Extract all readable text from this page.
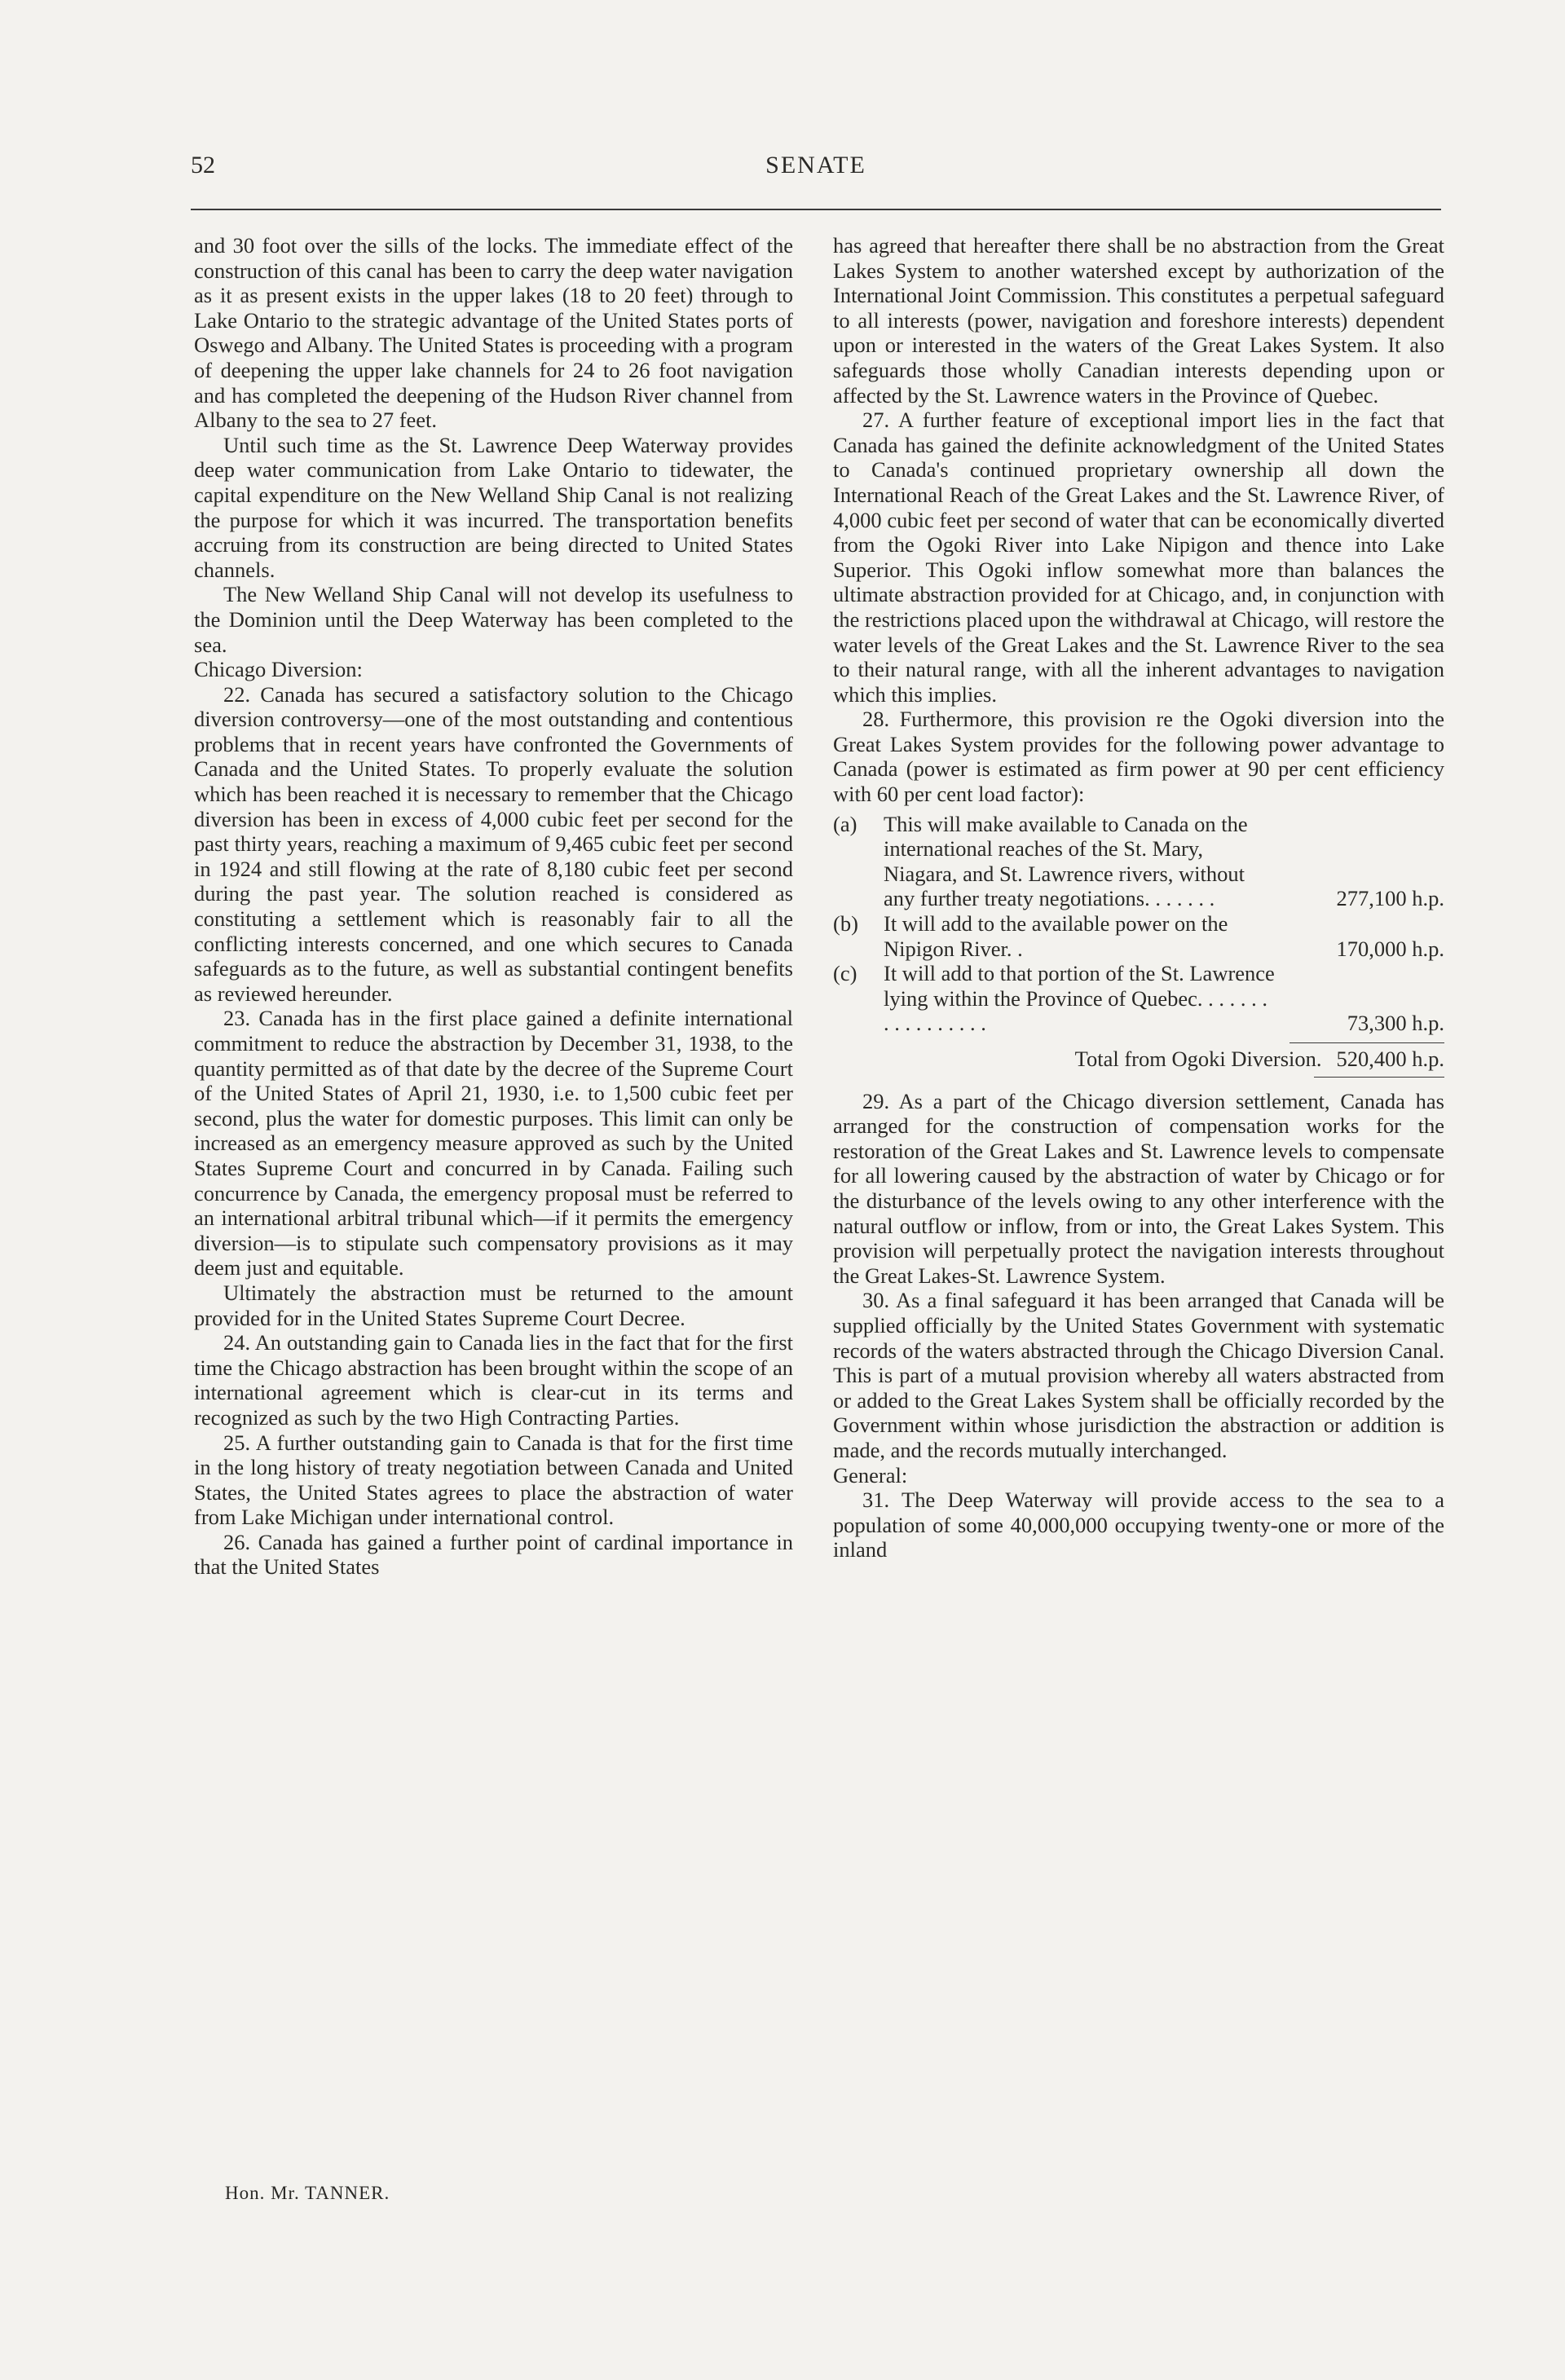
52	SENATE

and 30 foot over the sills of the locks. The immediate effect of the construction of this canal has been to carry the deep water navigation as it as present exists in the upper lakes (18 to 20 feet) through to Lake Ontario to the strategic advantage of the United States ports of Oswego and Albany. The United States is proceeding with a program of deepening the upper lake channels for 24 to 26 foot navigation and has completed the deepening of the Hudson River channel from Albany to the sea to 27 feet.

Until such time as the St. Lawrence Deep Waterway provides deep water communication from Lake Ontario to tidewater, the capital expenditure on the New Welland Ship Canal is not realizing the purpose for which it was incurred. The transportation benefits accruing from its construction are being directed to United States channels.

The New Welland Ship Canal will not develop its usefulness to the Dominion until the Deep Waterway has been completed to the sea.

Chicago Diversion:

22. Canada has secured a satisfactory solution to the Chicago diversion controversy—one of the most outstanding and contentious problems that in recent years have confronted the Governments of Canada and the United States. To properly evaluate the solution which has been reached it is necessary to remember that the Chicago diversion has been in excess of 4,000 cubic feet per second for the past thirty years, reaching a maximum of 9,465 cubic feet per second in 1924 and still flowing at the rate of 8,180 cubic feet per second during the past year. The solution reached is considered as constituting a settlement which is reasonably fair to all the conflicting interests concerned, and one which secures to Canada safeguards as to the future, as well as substantial contingent benefits as reviewed hereunder.

23. Canada has in the first place gained a definite international commitment to reduce the abstraction by December 31, 1938, to the quantity permitted as of that date by the decree of the Supreme Court of the United States of April 21, 1930, i.e. to 1,500 cubic feet per second, plus the water for domestic purposes. This limit can only be increased as an emergency measure approved as such by the United States Supreme Court and concurred in by Canada. Failing such concurrence by Canada, the emergency proposal must be referred to an international arbitral tribunal which—if it permits the emergency diversion—is to stipulate such compensatory provisions as it may deem just and equitable.

Ultimately the abstraction must be returned to the amount provided for in the United States Supreme Court Decree.

24. An outstanding gain to Canada lies in the fact that for the first time the Chicago abstraction has been brought within the scope of an international agreement which is clear-cut in its terms and recognized as such by the two High Contracting Parties.

25. A further outstanding gain to Canada is that for the first time in the long history of treaty negotiation between Canada and United States, the United States agrees to place the abstraction of water from Lake Michigan under international control.

26. Canada has gained a further point of cardinal importance in that the United States

has agreed that hereafter there shall be no abstraction from the Great Lakes System to another watershed except by authorization of the International Joint Commission. This constitutes a perpetual safeguard to all interests (power, navigation and foreshore interests) dependent upon or interested in the waters of the Great Lakes System. It also safeguards those wholly Canadian interests depending upon or affected by the St. Lawrence waters in the Province of Quebec.

27. A further feature of exceptional import lies in the fact that Canada has gained the definite acknowledgment of the United States to Canada's continued proprietary ownership all down the International Reach of the Great Lakes and the St. Lawrence River, of 4,000 cubic feet per second of water that can be economically diverted from the Ogoki River into Lake Nipigon and thence into Lake Superior. This Ogoki inflow somewhat more than balances the ultimate abstraction provided for at Chicago, and, in conjunction with the restrictions placed upon the withdrawal at Chicago, will restore the water levels of the Great Lakes and the St. Lawrence River to the sea to their natural range, with all the inherent advantages to navigation which this implies.

28. Furthermore, this provision re the Ogoki diversion into the Great Lakes System provides for the following power advantage to Canada (power is estimated as firm power at 90 per cent efficiency with 60 per cent load factor):

(a)	This will make available to Canada on the international reaches of the St. Mary, Niagara, and St. Lawrence rivers, without any further treaty negotiations. . . . . . .	277,100 h.p.
(b)	It will add to the available power on the Nipigon River. .	170,000 h.p.
(c)	It will add to that portion of the St. Lawrence lying within the Province of Quebec. . . . . . . . . . . . . . . . .	73,300 h.p.
Total from Ogoki Diversion. 520,400 h.p.

29. As a part of the Chicago diversion settlement, Canada has arranged for the construction of compensation works for the restoration of the Great Lakes and St. Lawrence levels to compensate for all lowering caused by the abstraction of water by Chicago or for the disturbance of the levels owing to any other interference with the natural outflow or inflow, from or into, the Great Lakes System. This provision will perpetually protect the navigation interests throughout the Great Lakes-St. Lawrence System.

30. As a final safeguard it has been arranged that Canada will be supplied officially by the United States Government with systematic records of the waters abstracted through the Chicago Diversion Canal. This is part of a mutual provision whereby all waters abstracted from or added to the Great Lakes System shall be officially recorded by the Government within whose jurisdiction the abstraction or addition is made, and the records mutually interchanged.

General:

31. The Deep Waterway will provide access to the sea to a population of some 40,000,000 occupying twenty-one or more of the inland

Hon. Mr. TANNER.
